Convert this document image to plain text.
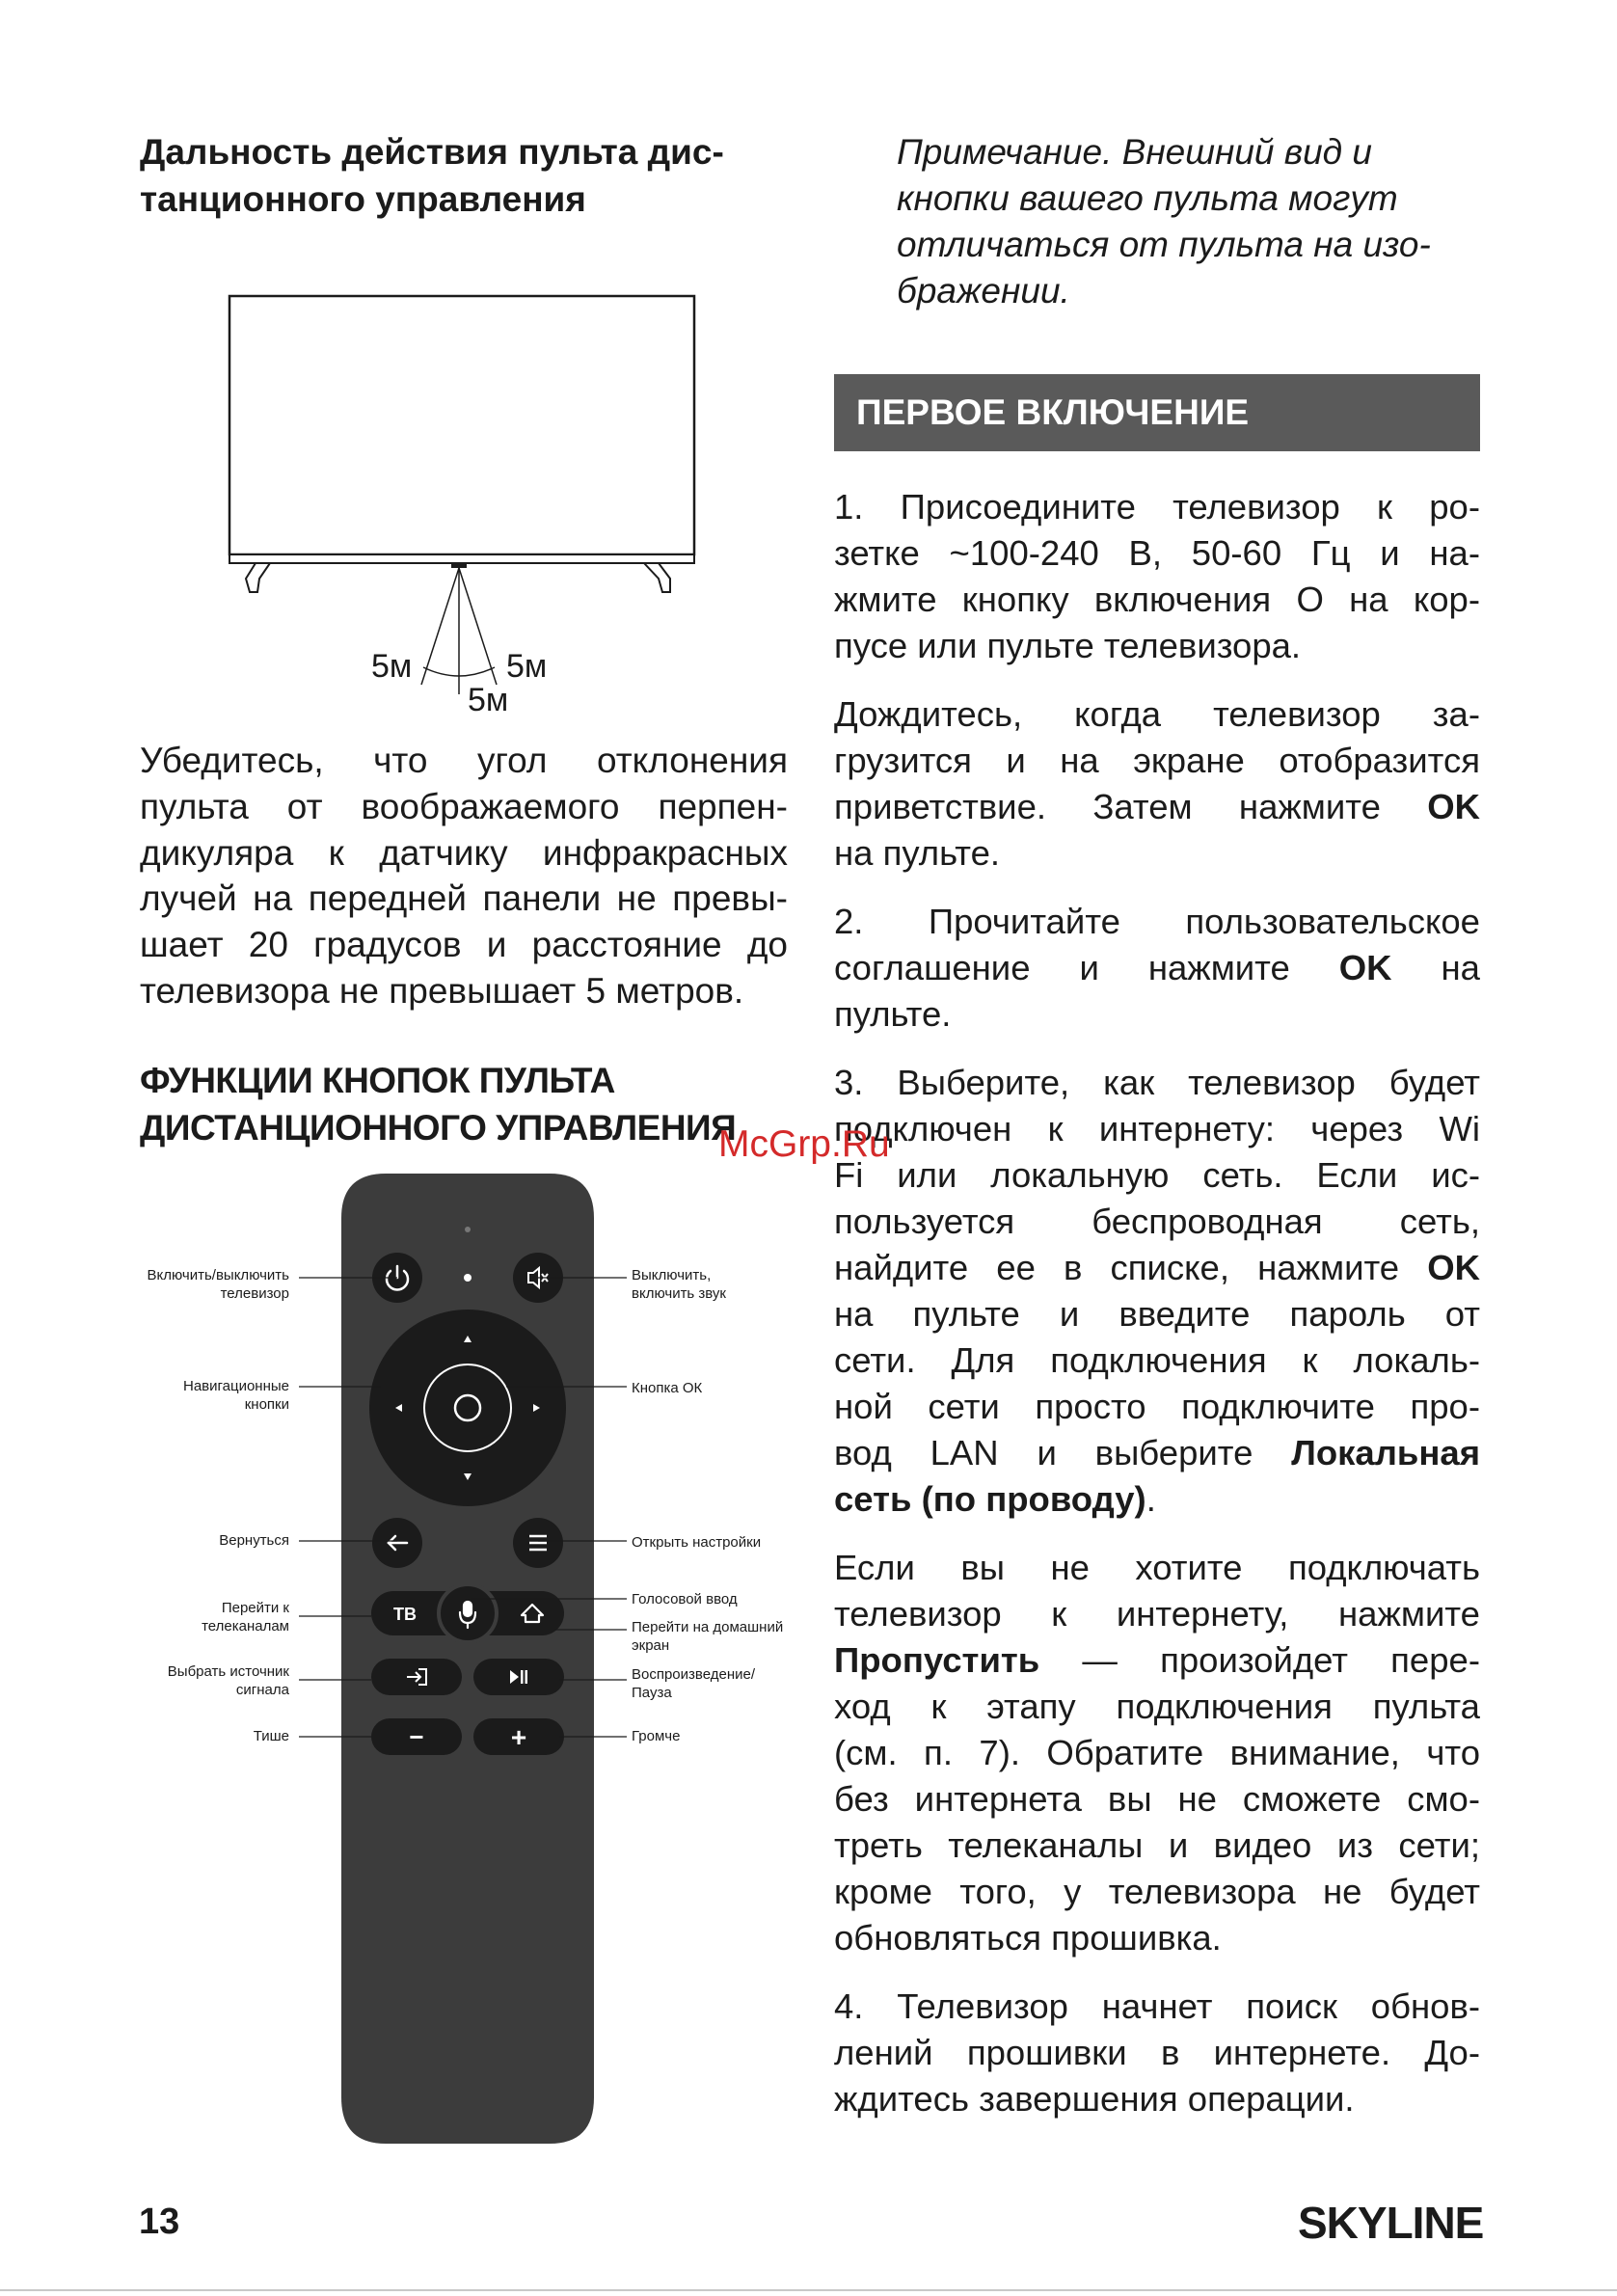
Дальность действия пульта дис-
танционного управления
5м	5м
5м
Убедитесь, что угол отклонения
пульта от воображаемого перпен-
дикуляра к датчику инфракрасных
лучей на передней панели не превы-
шает 20 градусов и расстояние до
телевизора не превышает 5 метров.
ФУНКЦИИ КНОПОК ПУЛЬТА
ДИСТАНЦИОННОГО УПРАВЛЕНИЯ
ТВ
−	+
Включить/выключить
телевизор
Навигационные
кнопки
Вернуться
Перейти к
телеканалам
Выбрать источник
сигнала
Тише
Выключить,
включить звук
Кнопка ОК
Открыть настройки
Голосовой ввод
Перейти на домашний
экран
Воспроизведение/
Пауза
Громче
Примечание. Внешний вид и
кнопки вашего пульта могут
отличаться от пульта на изо-
бражении.
ПЕРВОЕ ВКЛЮЧЕНИЕ

1. Присоедините телевизор к ро-
зетке ~100-240 В, 50-60 Гц и на-
жмите кнопку включения О на кор-
пусе или пульте телевизора.

Дождитесь, когда телевизор за-
грузится и на экране отобразится
приветствие. Затем нажмите OK
на пульте.

2. Прочитайте пользовательское
соглашение и нажмите OK на
пульте.

3. Выберите, как телевизор будет
подключен к интернету: через Wi
Fi или локальную сеть. Если ис-
пользуется беспроводная сеть,
найдите ее в списке, нажмите OK
на пульте и введите пароль от
сети. Для подключения к локаль-
ной сети просто подключите про-
вод LAN и выберите Локальная
сеть (по проводу).

Если вы не хотите подключать
телевизор к интернету, нажмите
Пропустить — произойдет пере-
ход к этапу подключения пульта
(см. п. 7). Обратите внимание, что
без интернета вы не сможете смо-
треть телеканалы и видео из сети;
кроме того, у телевизора не будет
обновляться прошивка.

4. Телевизор начнет поиск обнов-
лений прошивки в интернете. До-
ждитесь завершения операции.

McGrp.Ru
13	SKYLINE
